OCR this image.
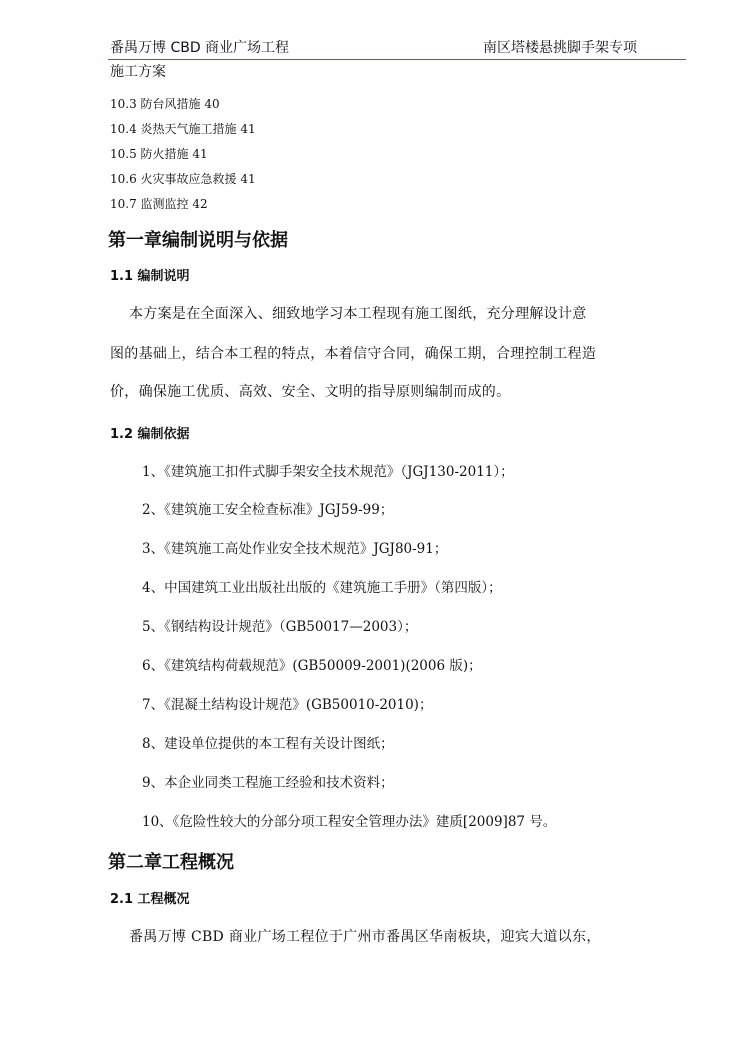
番禺万博 CBD 商业广场工程	南区塔楼悬挑脚手架专项
施工方案
10.3 防台风措施 40
10.4 炎热天气施工措施 41
10.5 防火措施 41
10.6 火灾事故应急救援 41
10.7 监测监控 42
第一章编制说明与依据
1.1 编制说明
本方案是在全面深入、细致地学习本工程现有施工图纸，充分理解设计意
图的基础上，结合本工程的特点，本着信守合同，确保工期，合理控制工程造
价，确保施工优质、高效、安全、文明的指导原则编制而成的。
1.2 编制依据
1、《建筑施工扣件式脚手架安全技术规范》（JGJ130-2011）；
2、《建筑施工安全检查标准》JGJ59-99；
3、《建筑施工高处作业安全技术规范》JGJ80-91；
4、中国建筑工业出版社出版的《建筑施工手册》（第四版）；
5、《钢结构设计规范》（GB50017—2003）；
6、《建筑结构荷载规范》(GB50009-2001)(2006 版)；
7、《混凝土结构设计规范》(GB50010-2010)；
8、建设单位提供的本工程有关设计图纸；
9、本企业同类工程施工经验和技术资料；
10、《危险性较大的分部分项工程安全管理办法》建质[2009]87 号。
第二章工程概况
2.1 工程概况
番禺万博 CBD 商业广场工程位于广州市番禺区华南板块，迎宾大道以东，
